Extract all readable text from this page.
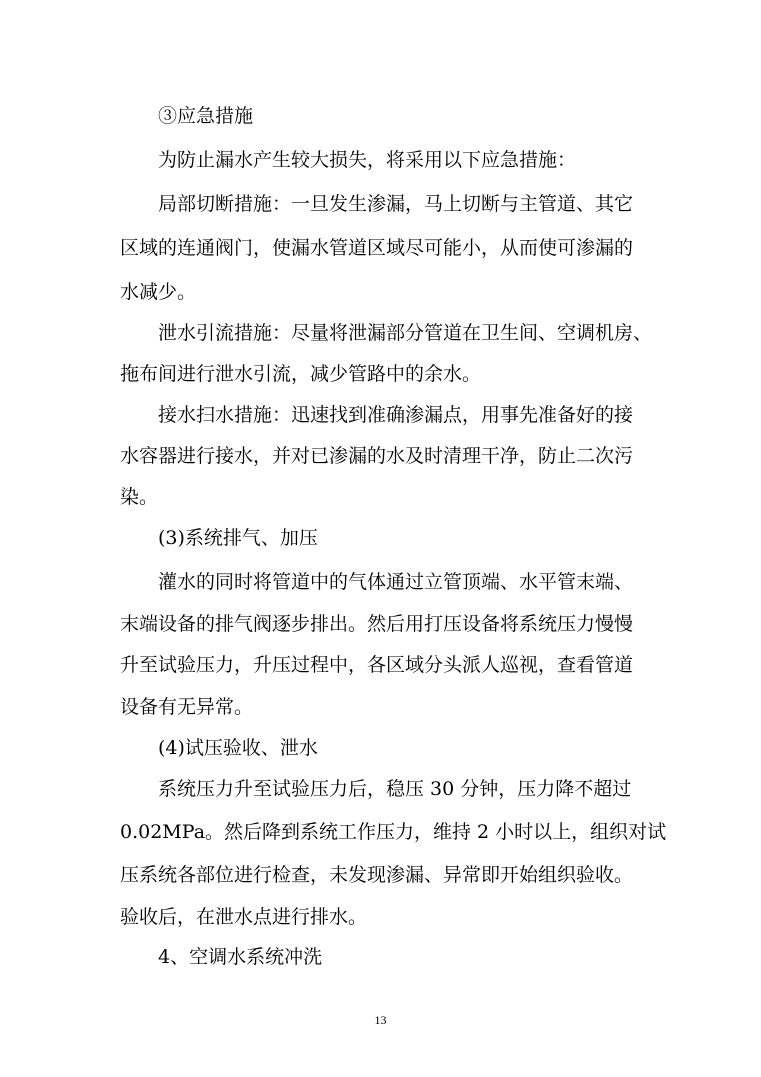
③应急措施
为防止漏水产生较大损失，将采用以下应急措施：
局部切断措施：一旦发生渗漏，马上切断与主管道、其它
区域的连通阀门，使漏水管道区域尽可能小，从而使可渗漏的
水减少。
泄水引流措施：尽量将泄漏部分管道在卫生间、空调机房、
拖布间进行泄水引流，减少管路中的余水。
接水扫水措施：迅速找到准确渗漏点，用事先准备好的接
水容器进行接水，并对已渗漏的水及时清理干净，防止二次污
染。
(3)系统排气、加压
灌水的同时将管道中的气体通过立管顶端、水平管末端、
末端设备的排气阀逐步排出。然后用打压设备将系统压力慢慢
升至试验压力，升压过程中，各区域分头派人巡视，查看管道
设备有无异常。
(4)试压验收、泄水
系统压力升至试验压力后，稳压 30 分钟，压力降不超过
0.02MPa。然后降到系统工作压力，维持 2 小时以上，组织对试
压系统各部位进行检查，未发现渗漏、异常即开始组织验收。
验收后，在泄水点进行排水。
4、空调水系统冲洗
13
